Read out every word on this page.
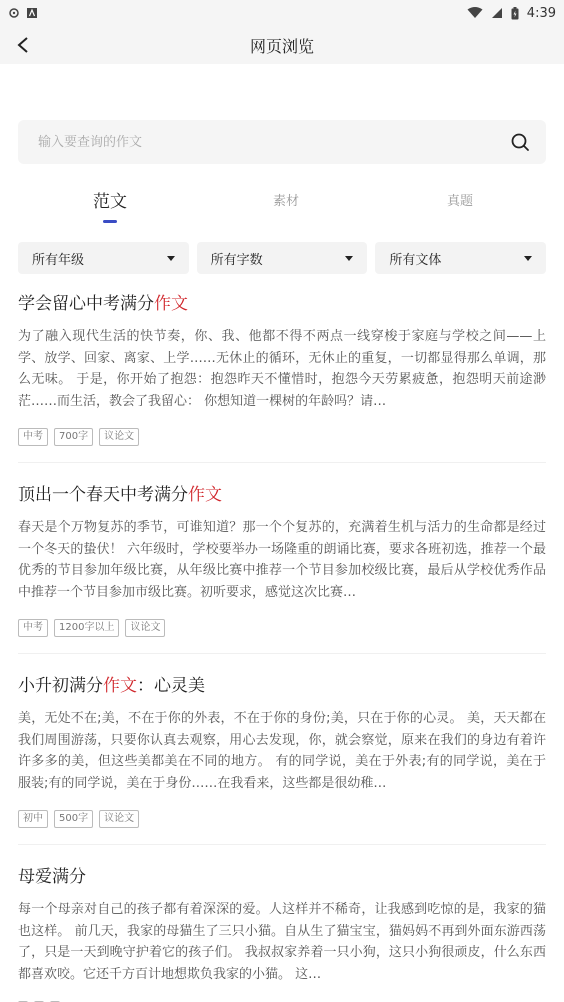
4:39
网页浏览
输入要查询的作文
范文	素材	真题
所有年级	所有字数	所有文体
学会留心中考满分作文
为了融入现代生活的快节奏，你、我、他都不得不两点一线穿梭于家庭与学校之间——上学、放学、回家、离家、上学……无休止的循环，无休止的重复，一切都显得那么单调，那么无味。 于是，你开始了抱怨：抱怨昨天不懂惜时，抱怨今天劳累疲惫，抱怨明天前途渺茫……而生活，教会了我留心： 你想知道一棵树的年龄吗？请…
中考	700字	议论文
顶出一个春天中考满分作文
春天是个万物复苏的季节，可谁知道？那一个个复苏的，充满着生机与活力的生命都是经过一个冬天的蛰伏！ 六年级时，学校要举办一场隆重的朗诵比赛，要求各班初选，推荐一个最优秀的节目参加年级比赛，从年级比赛中推荐一个节目参加校级比赛，最后从学校优秀作品中推荐一个节目参加市级比赛。初听要求，感觉这次比赛…
中考	1200字以上	议论文
小升初满分作文：心灵美
美，无处不在;美，不在于你的外表，不在于你的身份;美，只在于你的心灵。 美，天天都在我们周围游荡，只要你认真去观察，用心去发现，你，就会察觉，原来在我们的身边有着许许多多的美，但这些美都美在不同的地方。 有的同学说，美在于外表;有的同学说，美在于服装;有的同学说，美在于身份……在我看来，这些都是很幼稚…
初中	500字	议论文
母爱满分
每一个母亲对自己的孩子都有着深深的爱。人这样并不稀奇，让我感到吃惊的是，我家的猫也这样。 前几天，我家的母猫生了三只小猫。自从生了猫宝宝，猫妈妈不再到外面东游西荡了，只是一天到晚守护着它的孩子们。 我叔叔家养着一只小狗，这只小狗很顽皮，什么东西都喜欢咬。它还千方百计地想欺负我家的小猫。 这…
